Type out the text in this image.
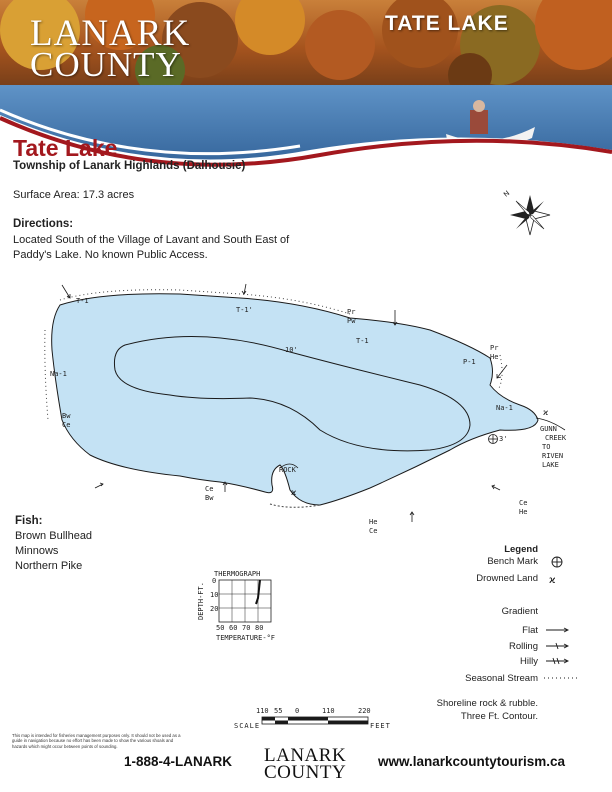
LANARK
COUNTY
TATE LAKE
Tate Lake
Township of Lanark Highlands (Dalhousie)
Surface Area: 17.3 acres
Directions:
Located South of the Village of Lavant and South East of Paddy's Lake. No known Public Access.
N
T-1
T-1'
T-1
Pr
Pw
Pr
He
P-1
Na-1
Na-1
Bw
Ce
10'
3'
ROCK
Ce
Bw
He
Ce
Ce
He
GUNN
CREEK
TO
RIVEN
LAKE
ϰ
ϰ
THERMOGRAPH
0
10
20
50 60 70 80
TEMPERATURE-°F
DEPTH-FT.
ϰ
Fish:
Brown Bullhead
Minnows
Northern Pike
Legend
Bench Mark
Drowned Land
Gradient
Flat
Rolling
Hilly
Seasonal Stream
Shoreline rock & rubble.
Three Ft. Contour.
110 55 0	110	220
SCALE	FEET
This map is intended for fisheries management purposes only. It should not be used as a guide in navigation because no effort has been made to show the various shoals and hazards which might occur between points of sounding.
1-888-4-LANARK LANARK
COUNTY
www.lanarkcountytourism.ca
